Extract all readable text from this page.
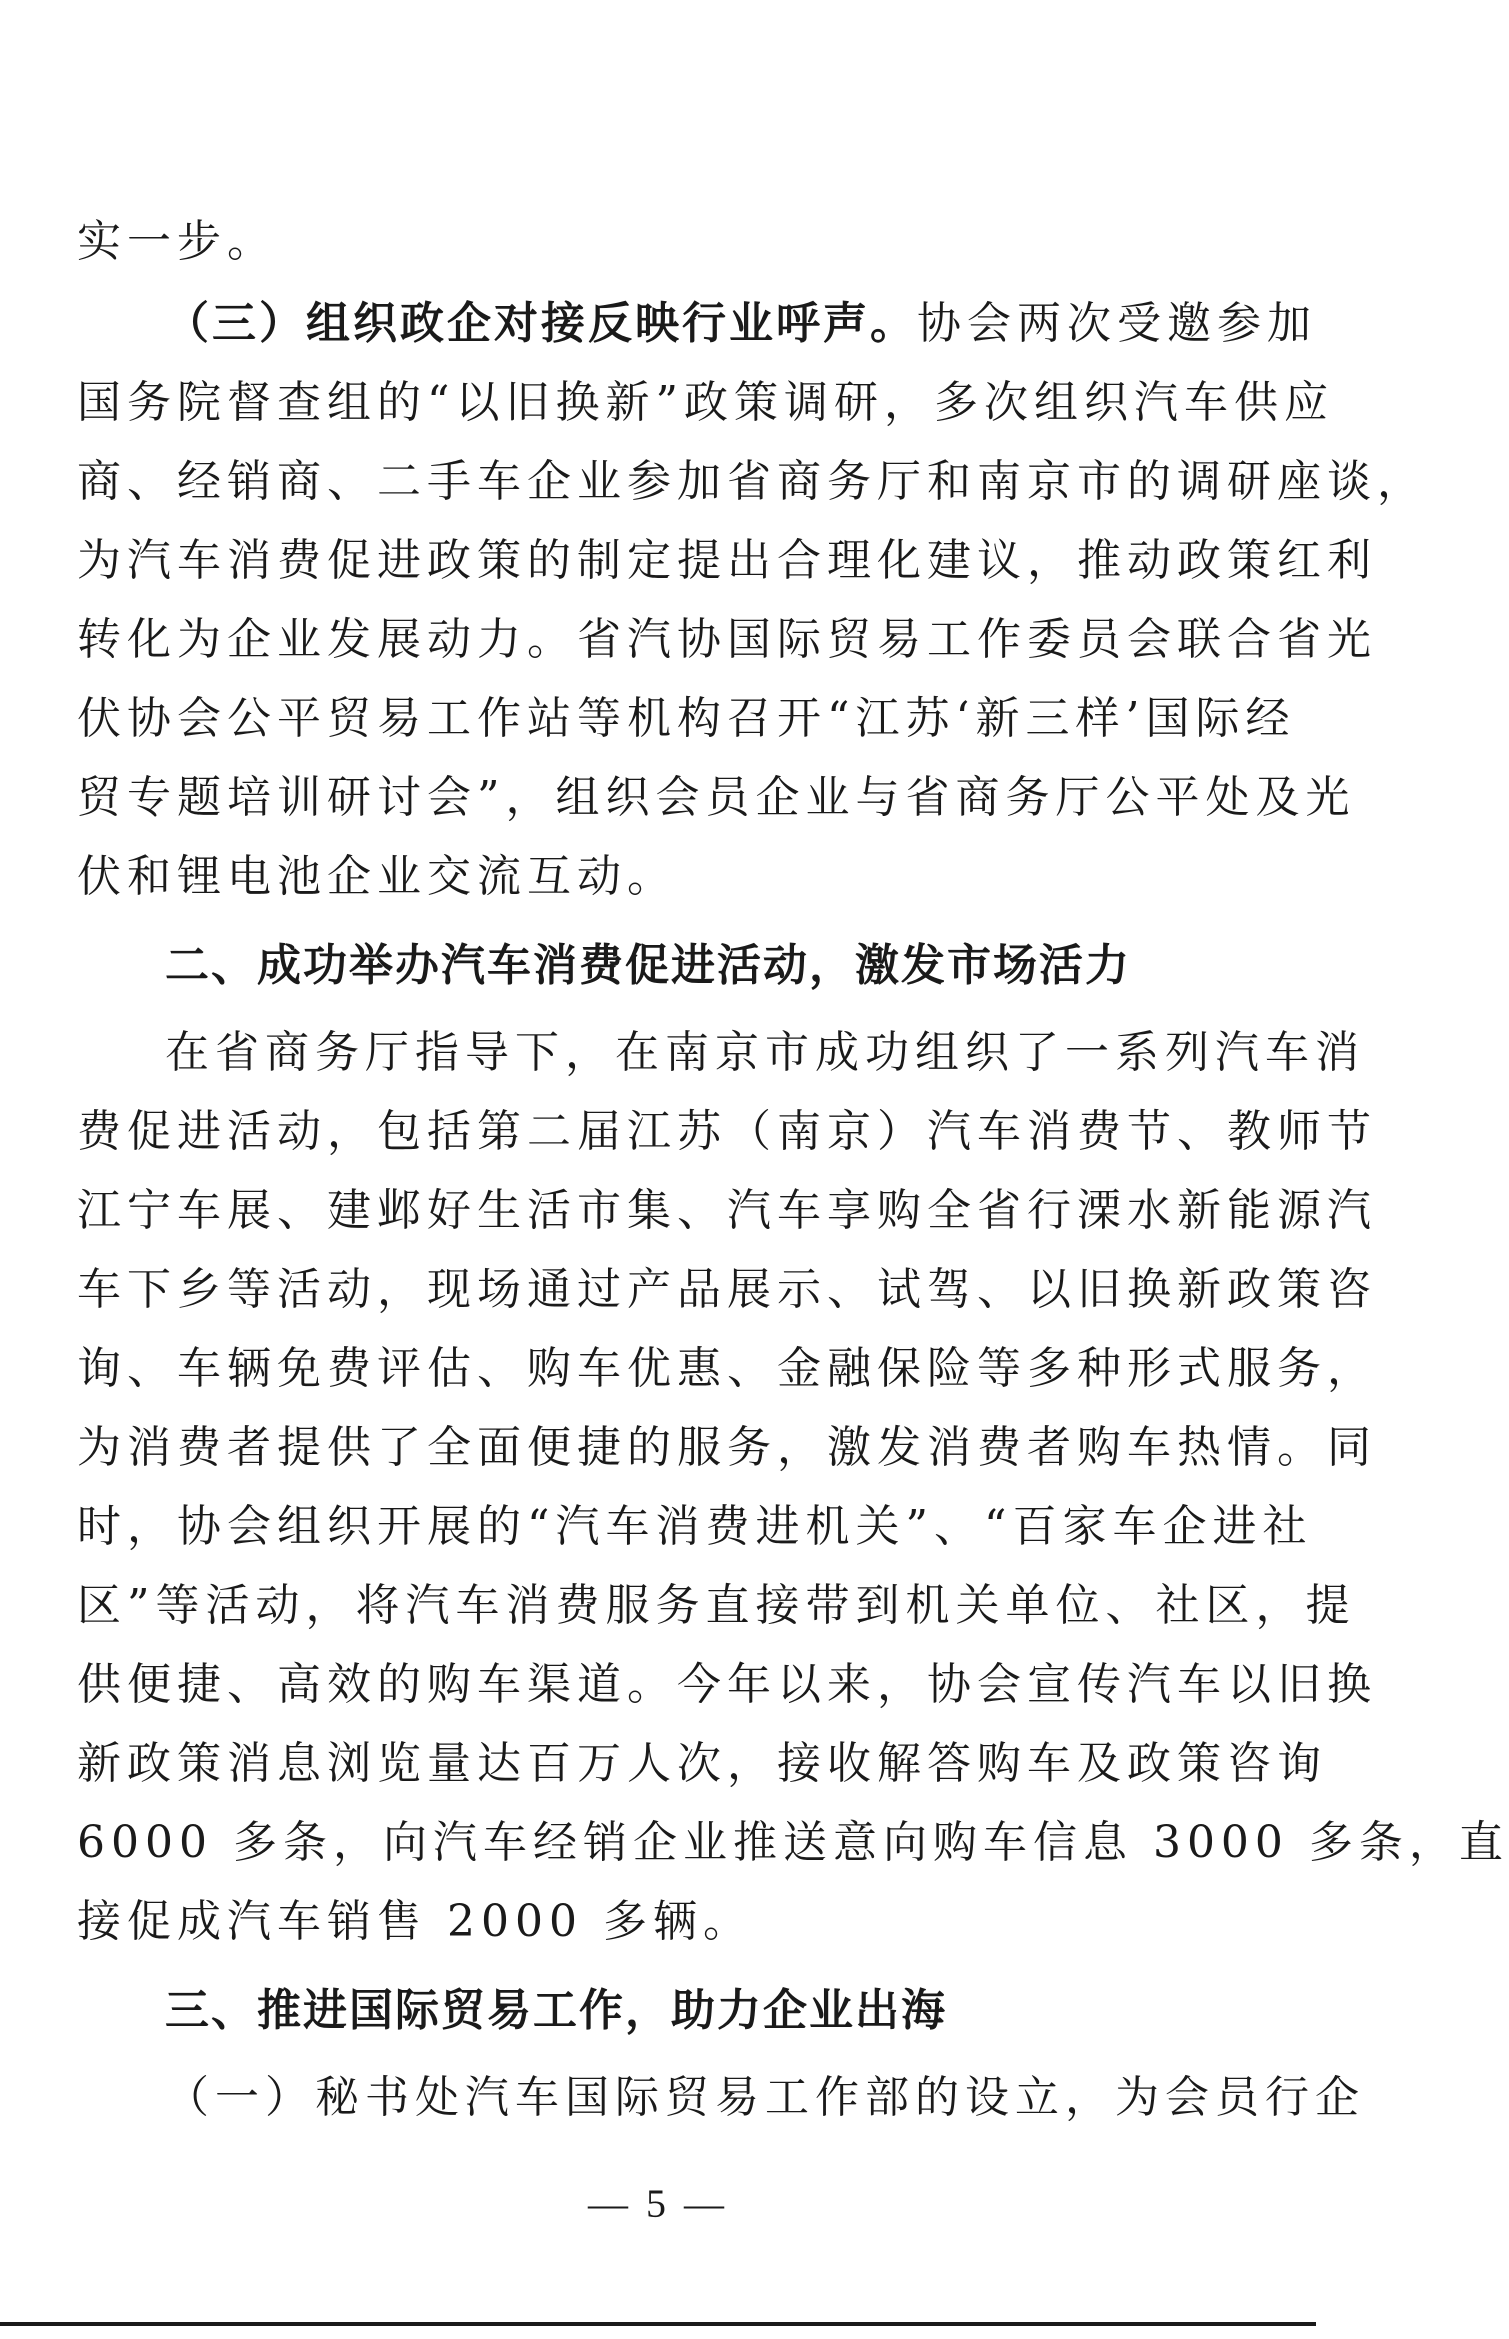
实一步。
（三）组织政企对接反映行业呼声。协会两次受邀参加
国务院督查组的“以旧换新”政策调研，多次组织汽车供应
商、经销商、二手车企业参加省商务厅和南京市的调研座谈，
为汽车消费促进政策的制定提出合理化建议，推动政策红利
转化为企业发展动力。省汽协国际贸易工作委员会联合省光
伏协会公平贸易工作站等机构召开“江苏‘新三样’国际经
贸专题培训研讨会”，组织会员企业与省商务厅公平处及光
伏和锂电池企业交流互动。
二、成功举办汽车消费促进活动，激发市场活力
在省商务厅指导下，在南京市成功组织了一系列汽车消
费促进活动，包括第二届江苏（南京）汽车消费节、教师节
江宁车展、建邺好生活市集、汽车享购全省行溧水新能源汽
车下乡等活动，现场通过产品展示、试驾、以旧换新政策咨
询、车辆免费评估、购车优惠、金融保险等多种形式服务，
为消费者提供了全面便捷的服务，激发消费者购车热情。同
时，协会组织开展的“汽车消费进机关”、“百家车企进社
区”等活动，将汽车消费服务直接带到机关单位、社区，提
供便捷、高效的购车渠道。今年以来，协会宣传汽车以旧换
新政策消息浏览量达百万人次，接收解答购车及政策咨询
6000 多条，向汽车经销企业推送意向购车信息 3000 多条，直
接促成汽车销售 2000 多辆。
三、推进国际贸易工作，助力企业出海
（一）秘书处汽车国际贸易工作部的设立，为会员行企
— 5 —
